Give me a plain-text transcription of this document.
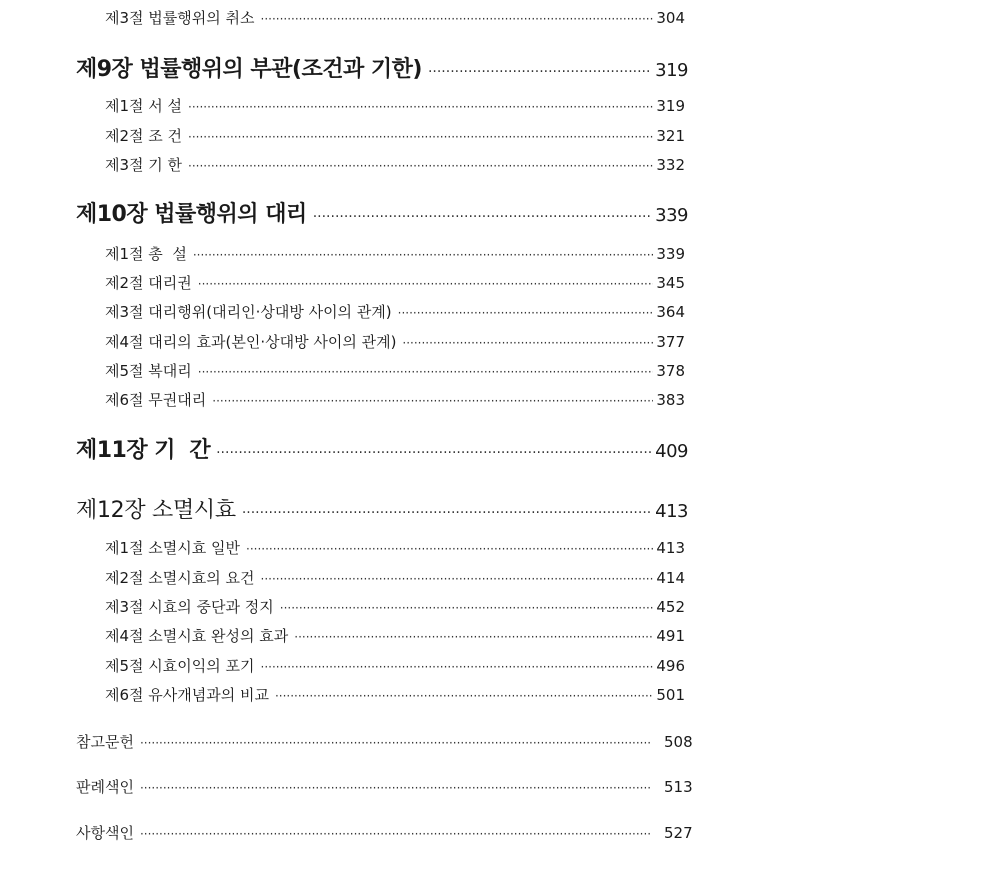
제3절 법률행위의 취소 ·····	304
제9장 법률행위의 부관(조건과 기한) ·····	319
제1절 서 설 ·····	319
제2절 조 건 ·····	321
제3절 기 한 ·····	332
제10장 법률행위의 대리 ·····	339
제1절 총  설 ·····	339
제2절 대리권 ·····	345
제3절 대리행위(대리인·상대방 사이의 관계) ·····	364
제4절 대리의 효과(본인·상대방 사이의 관계) ·····	377
제5절 복대리 ·····	378
제6절 무권대리 ·····	383
제11장 기  간 ·····	409
제12장 소멸시효 ·····	413
제1절 소멸시효 일반 ·····	413
제2절 소멸시효의 요건 ·····	414
제3절 시효의 중단과 정지 ·····	452
제4절 소멸시효 완성의 효과 ·····	491
제5절 시효이익의 포기 ·····	496
제6절 유사개념과의 비교 ·····	501
참고문헌 ·····	508
판례색인 ·····	513
사항색인 ·····	527
